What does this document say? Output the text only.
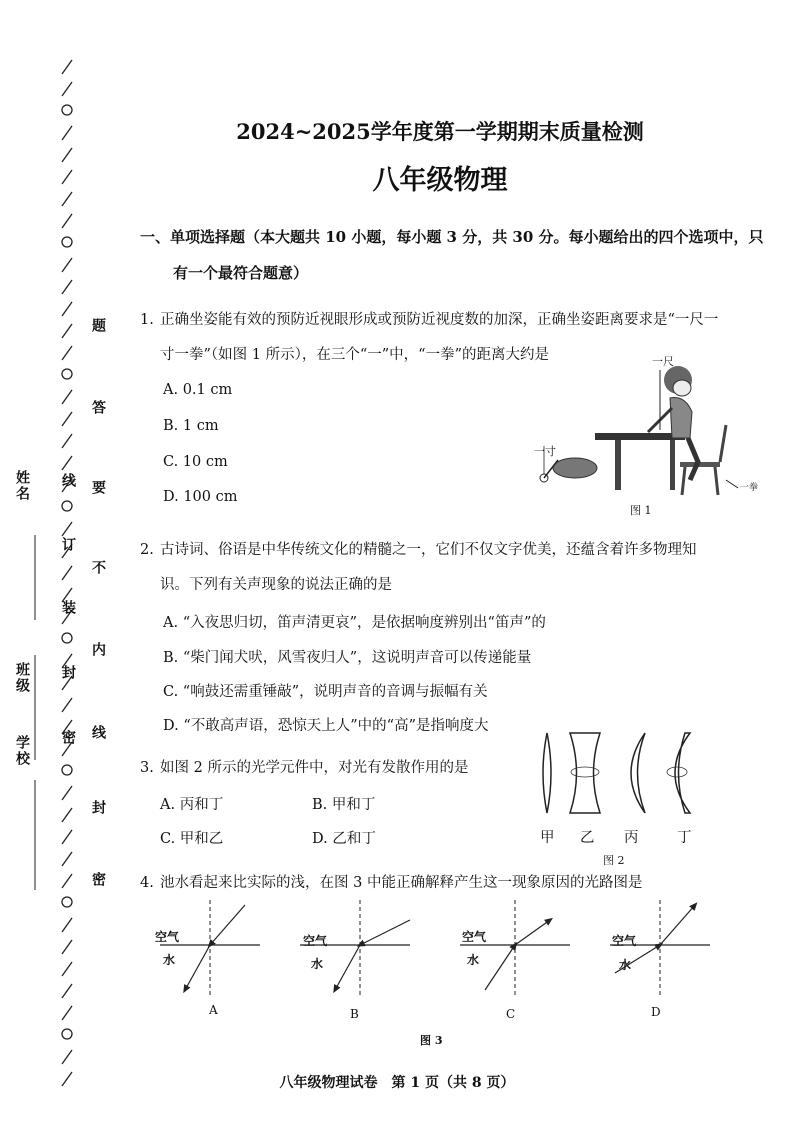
姓名
班级
学校 密
封
装
订
线
密
封
线
内
不
要
答
题
2024~2025学年度第一学期期末质量检测
八年级物理
一、单项选择题（本大题共 10 小题，每小题 3 分，共 30 分。每小题给出的四个选项中，只
有一个最符合题意）
1. 正确坐姿能有效的预防近视眼形成或预防近视度数的加深，正确坐姿距离要求是“一尺一
寸一拳”（如图 1 所示），在三个“一”中，“一拳”的距离大约是
A. 0.1 cm
B. 1 cm
C. 10 cm
D. 100 cm
一尺
一寸
一拳
图 1
2. 古诗词、俗语是中华传统文化的精髓之一，它们不仅文字优美，还蕴含着许多物理知
识。下列有关声现象的说法正确的是
A. “入夜思归切，笛声清更哀”，是依据响度辨别出“笛声”的
B. “柴门闻犬吠，风雪夜归人”，这说明声音可以传递能量
C. “响鼓还需重锤敲”，说明声音的音调与振幅有关
D. “不敢高声语，恐惊天上人”中的“高”是指响度大
3. 如图 2 所示的光学元件中，对光有发散作用的是
A. 丙和丁	B. 甲和丁
C. 甲和乙	D. 乙和丁	甲 乙 丙	丁
图 2
4. 池水看起来比实际的浅，在图 3 中能正确解释产生这一现象原因的光路图是
空气
水
空气
水
空气
水
空气
水
A	B	C	D
图 3
八年级物理试卷　第 1 页（共 8 页）
